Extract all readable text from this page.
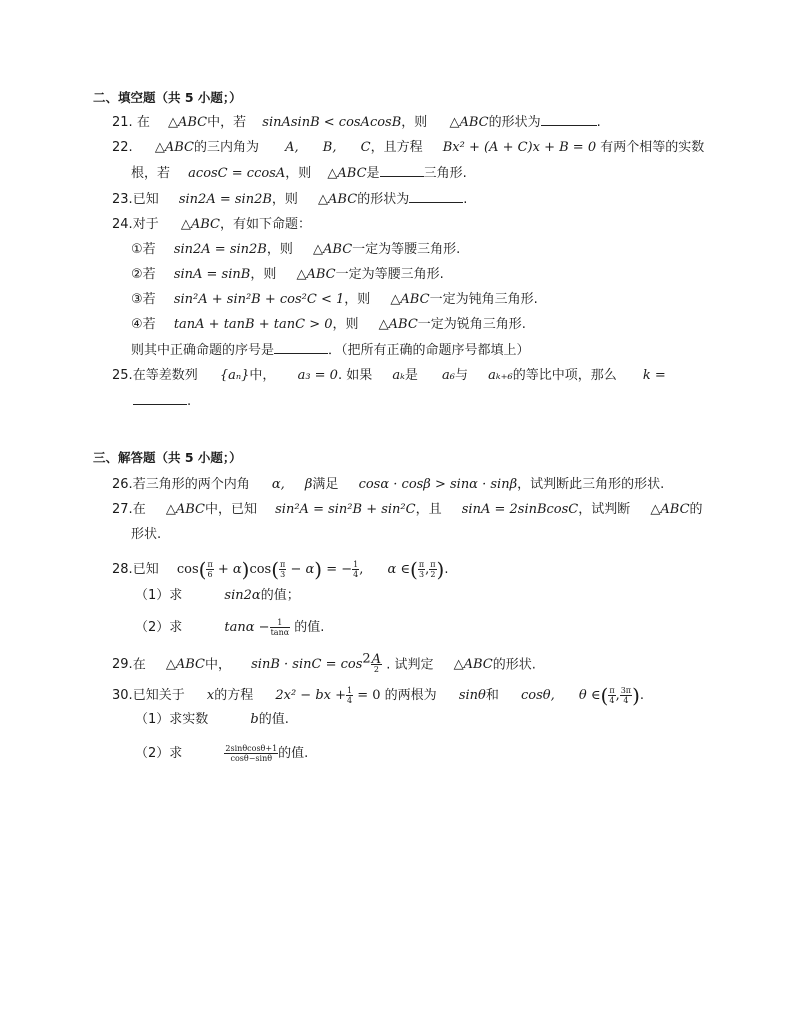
二、填空题（共 5 小题；）
21. 在 △ABC中，若 sinAsinB < cosAcosB，则 △ABC的形状为	.
22. △ABC的三内角为 A, B, C，且方程 Bx² + (A + C)x + B = 0 有两个相等的实数
根，若 acosC = ccosA，则 △ABC是	三角形.
23.已知 sin2A = sin2B，则 △ABC的形状为	.
24.对于 △ABC，有如下命题：
①若 sin2A = sin2B，则 △ABC一定为等腰三角形.
②若 sinA = sinB，则 △ABC一定为等腰三角形.
③若 sin²A + sin²B + cos²C < 1，则 △ABC一定为钝角三角形.
④若 tanA + tanB + tanC > 0，则 △ABC一定为锐角三角形.
则其中正确命题的序号是	．（把所有正确的命题序号都填上）
25.在等差数列 {aₙ}中， a₃ = 0. 如果 aₖ是 a₆与 aₖ₊₆的等比中项，那么 k =
.
三、解答题（共 5 小题；）
26.若三角形的两个内角 α, β满足 cosα · cosβ > sinα · sinβ，试判断此三角形的形状.
27.在 △ABC中，已知 sin²A = sin²B + sin²C，且 sinA = 2sinBcosC，试判断 △ABC的
形状.
28.已知 $\cos( \frac{\pi}{6} + \alpha)\cos( \frac{\pi}{3} - \alpha)$ = − $\frac{1}{4}$ , α ∈( $\frac{\pi}{3}$ , $\frac{\pi}{2}$ ).
（1）求	sin2α的值；
（2）求	$\tan\alpha - \frac{1}{\tan\alpha}$ 的值.
29.在 △ABC中， $\sin B \cdot \sin C = \cos^2 \frac{A}{2}$ . 试判定 △ABC的形状.
30.已知关于 x的方程 2x² − bx + $\frac{1}{4} = 0$ 的两根为 sinθ和 cosθ, θ ∈( $\frac{\pi}{4}$ , $\frac{3\pi}{4}$ ).
（1）求实数	b的值.
（2）求	$\frac{2\sin\theta\cos\theta+1}{\cos\theta-\sin\theta}$ 的值.
